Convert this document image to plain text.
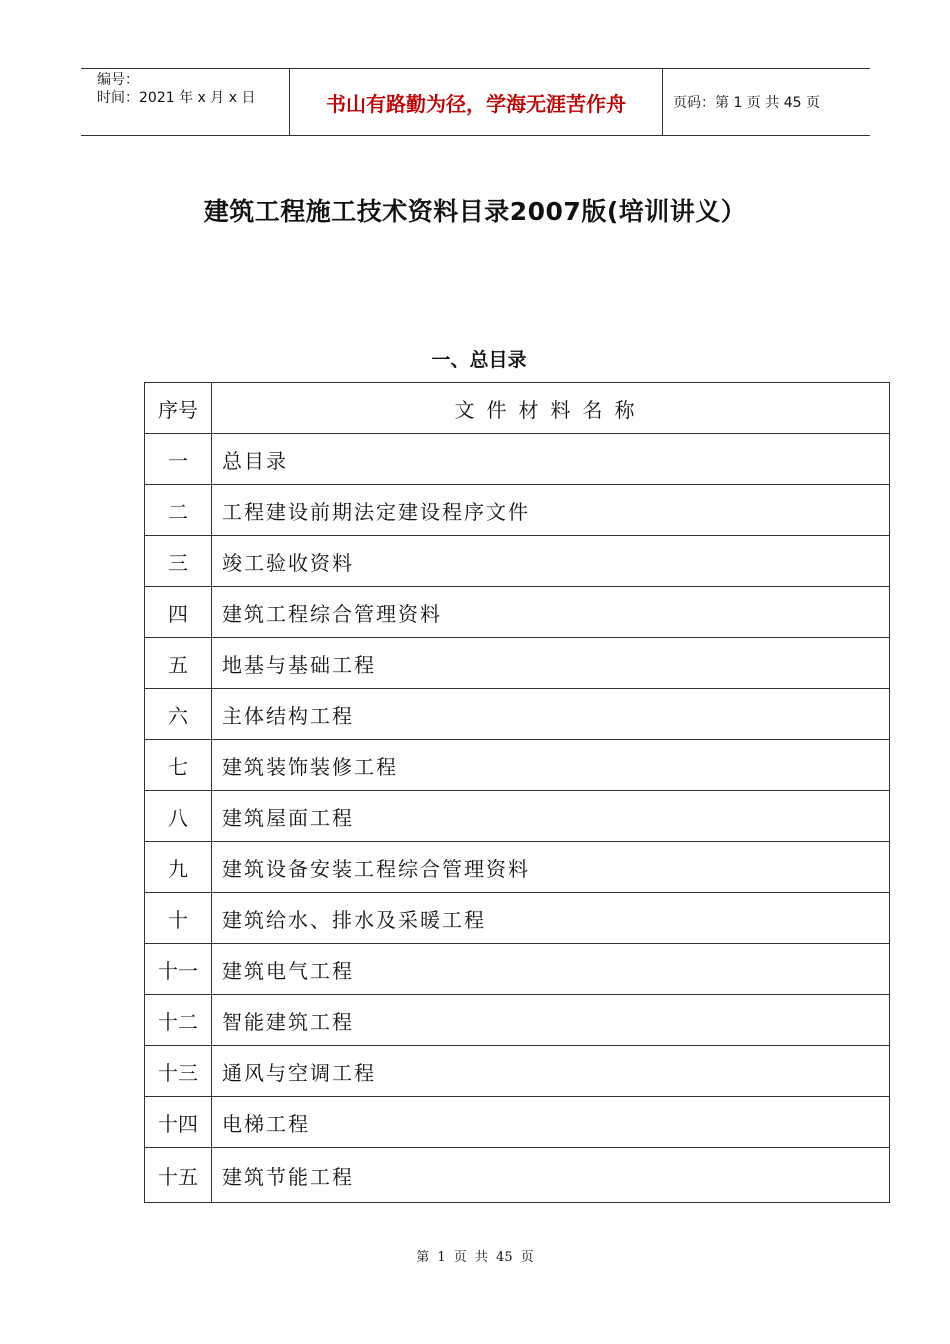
编号：
时间：2021 年 x 月 x 日	书山有路勤为径，学海无涯苦作舟	页码：第 1 页 共 45 页
建筑工程施工技术资料目录2007版(培训讲义）
一、总目录
序号	文件材料名称
一	总目录
二	工程建设前期法定建设程序文件
三	竣工验收资料
四	建筑工程综合管理资料
五	地基与基础工程
六	主体结构工程
七	建筑装饰装修工程
八	建筑屋面工程
九	建筑设备安装工程综合管理资料
十	建筑给水、排水及采暖工程
十一	建筑电气工程
十二	智能建筑工程
十三	通风与空调工程
十四	电梯工程
十五	建筑节能工程
第 1 页 共 45 页
